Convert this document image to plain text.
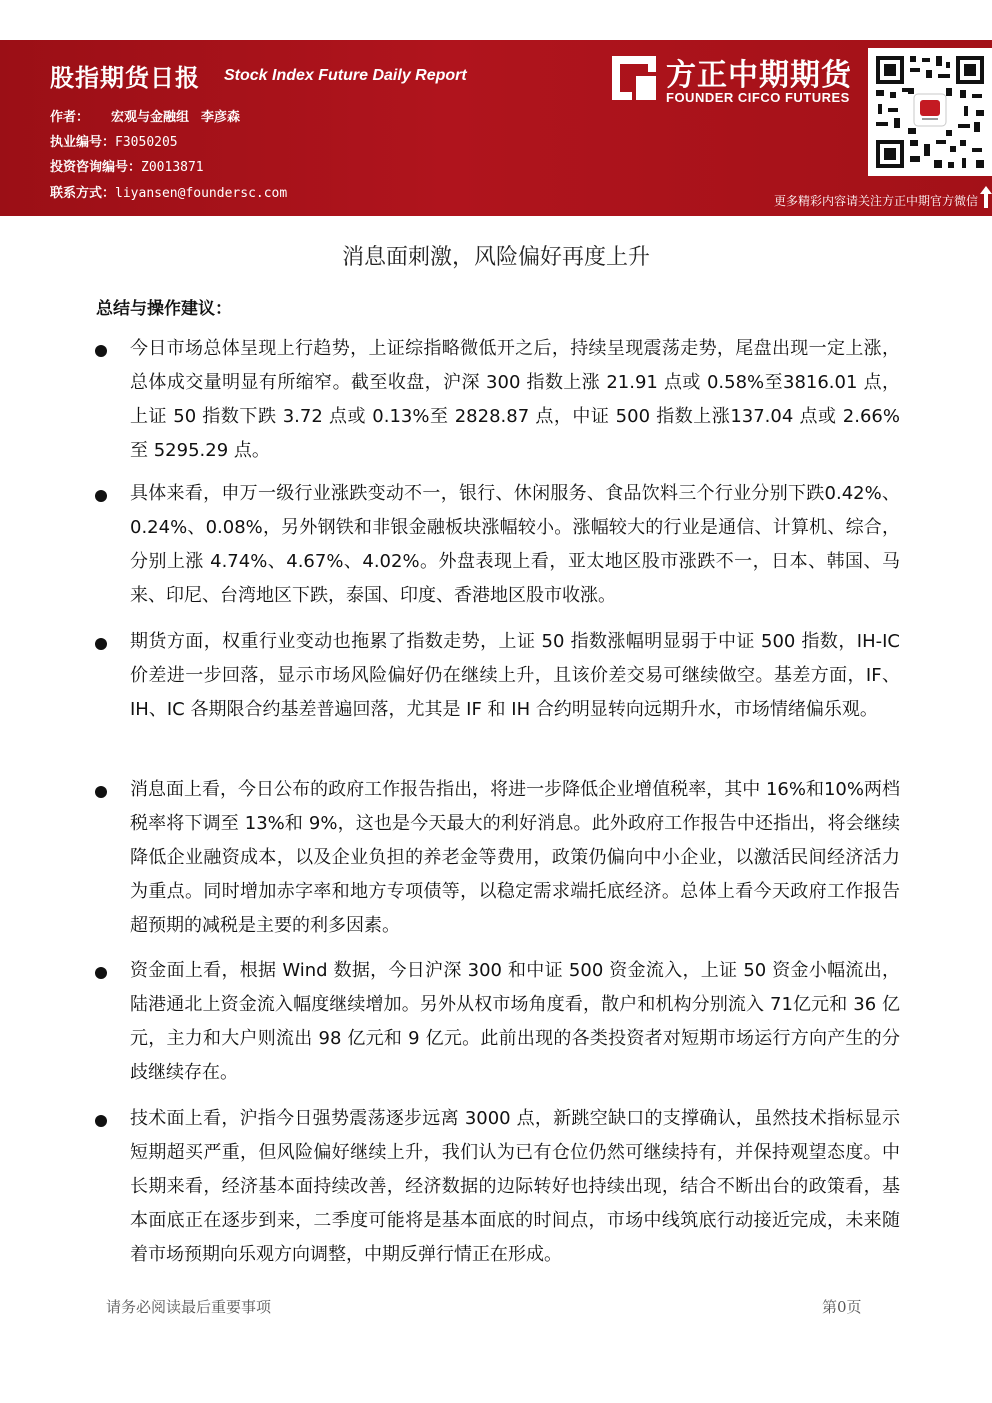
股指期货日报 Stock Index Future Daily Report
作者： 宏观与金融组 李彦森
执业编号：F3050205
投资咨询编号：Z0013871
联系方式：liyansen@foundersc.com
方正中期期货
FOUNDER CIFCO FUTURES
更多精彩内容请关注方正中期官方微信
消息面刺激，风险偏好再度上升
总结与操作建议：
今日市场总体呈现上行趋势，上证综指略微低开之后，持续呈现震荡走势，尾盘出现一定上涨，总体成交量明显有所缩窄。截至收盘，沪深 300 指数上涨 21.91 点或 0.58%至3816.01 点，上证 50 指数下跌 3.72 点或 0.13%至 2828.87 点，中证 500 指数上涨137.04 点或 2.66%至 5295.29 点。
具体来看，申万一级行业涨跌变动不一，银行、休闲服务、食品饮料三个行业分别下跌0.42%、0.24%、0.08%，另外钢铁和非银金融板块涨幅较小。涨幅较大的行业是通信、计算机、综合，分别上涨 4.74%、4.67%、4.02%。外盘表现上看，亚太地区股市涨跌不一，日本、韩国、马来、印尼、台湾地区下跌，泰国、印度、香港地区股市收涨。
期货方面，权重行业变动也拖累了指数走势，上证 50 指数涨幅明显弱于中证 500 指数，IH-IC 价差进一步回落，显示市场风险偏好仍在继续上升，且该价差交易可继续做空。基差方面，IF、IH、IC 各期限合约基差普遍回落，尤其是 IF 和 IH 合约明显转向远期升水，市场情绪偏乐观。
消息面上看，今日公布的政府工作报告指出，将进一步降低企业增值税率，其中 16%和10%两档税率将下调至 13%和 9%，这也是今天最大的利好消息。此外政府工作报告中还指出，将会继续降低企业融资成本，以及企业负担的养老金等费用，政策仍偏向中小企业，以激活民间经济活力为重点。同时增加赤字率和地方专项债等，以稳定需求端托底经济。总体上看今天政府工作报告超预期的减税是主要的利多因素。
资金面上看，根据 Wind 数据，今日沪深 300 和中证 500 资金流入，上证 50 资金小幅流出，陆港通北上资金流入幅度继续增加。另外从权市场角度看，散户和机构分别流入 71亿元和 36 亿元，主力和大户则流出 98 亿元和 9 亿元。此前出现的各类投资者对短期市场运行方向产生的分歧继续存在。
技术面上看，沪指今日强势震荡逐步远离 3000 点，新跳空缺口的支撑确认，虽然技术指标显示短期超买严重，但风险偏好继续上升，我们认为已有仓位仍然可继续持有，并保持观望态度。中长期来看，经济基本面持续改善，经济数据的边际转好也持续出现，结合不断出台的政策看，基本面底正在逐步到来，二季度可能将是基本面底的时间点，市场中线筑底行动接近完成，未来随着市场预期向乐观方向调整，中期反弹行情正在形成。
请务必阅读最后重要事项	第0页
